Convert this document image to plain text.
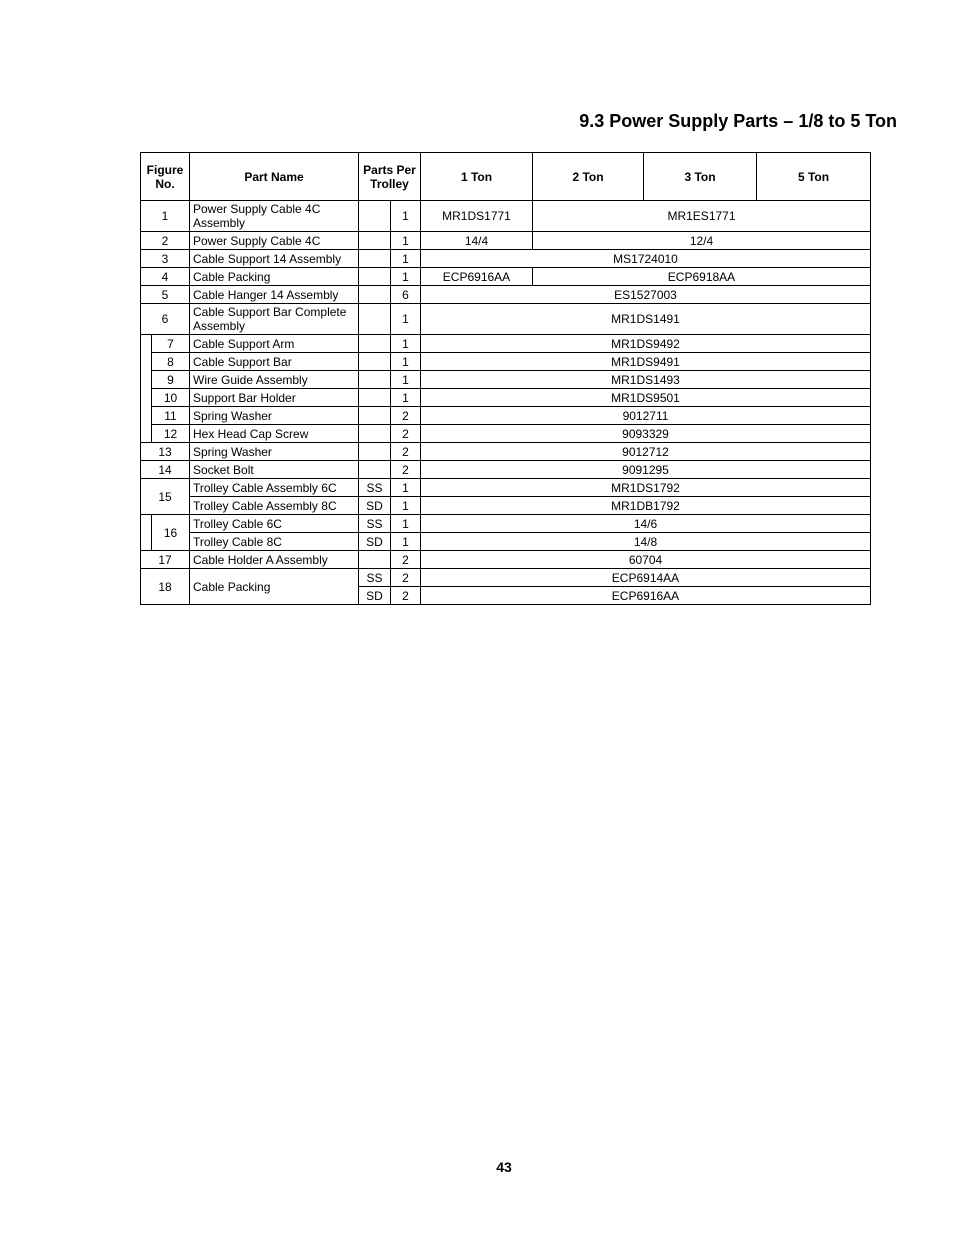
9.3 Power Supply Parts – 1/8 to 5 Ton
Figure No.		Part Name	Parts Per Trolley		1 Ton	2 Ton	3 Ton	5 Ton
1		Power Supply Cable 4C Assembly		1	MR1DS1771	MR1ES1771		
2		Power Supply Cable 4C		1	14/4	12/4		
3		Cable Support 14 Assembly		1	MS1724010			
4		Cable Packing		1	ECP6916AA	ECP6918AA		
5		Cable Hanger 14 Assembly		6	ES1527003			
6		Cable Support Bar Complete Assembly		1	MR1DS1491			
	7	Cable Support Arm		1	MR1DS9492			
	8	Cable Support Bar		1	MR1DS9491			
	9	Wire Guide Assembly		1	MR1DS1493			
	10	Support Bar Holder		1	MR1DS9501			
	11	Spring Washer		2	9012711			
	12	Hex Head Cap Screw		2	9093329			
13		Spring Washer		2	9012712			
14		Socket Bolt		2	9091295			
15		Trolley Cable Assembly 6C	SS	1	MR1DS1792			
		Trolley Cable Assembly 8C	SD	1	MR1DB1792			
	16	Trolley Cable 6C	SS	1	14/6			
		Trolley Cable 8C	SD	1	14/8			
17		Cable Holder A Assembly		2	60704			
18		Cable Packing	SS	2	ECP6914AA			
			SD	2	ECP6916AA			
43
